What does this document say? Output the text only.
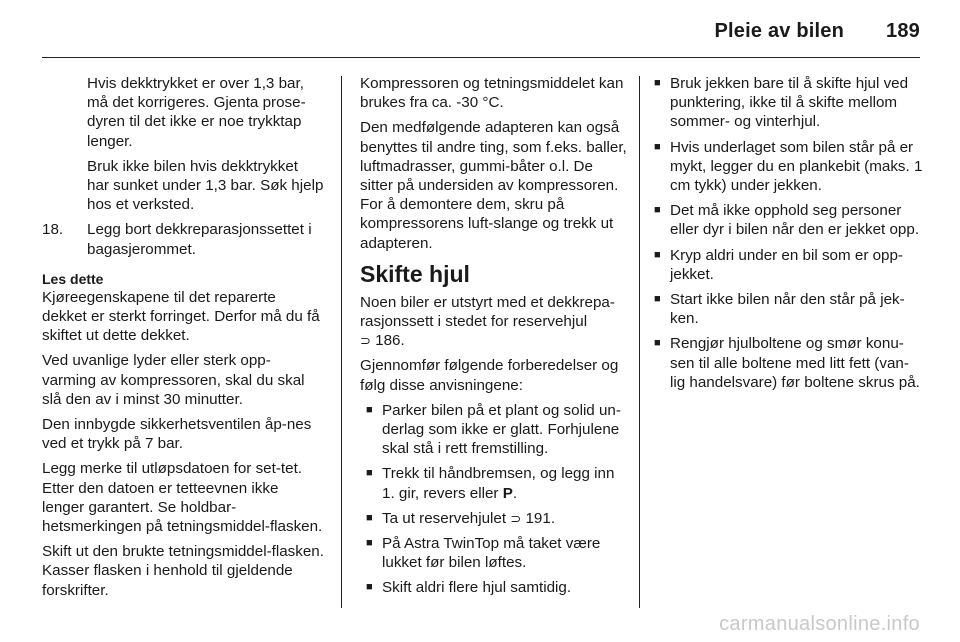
Pleie av bilen 189

Hvis dekktrykket er over 1,3 bar, må det korrigeres. Gjenta prose-dyren til det ikke er noe trykktap lenger.

Bruk ikke bilen hvis dekktrykket har sunket under 1,3 bar. Søk hjelp hos et verksted.

18.	Legg bort dekkreparasjonssettet i bagasjerommet.
Les dette

Kjøreegenskapene til det reparerte dekket er sterkt forringet. Derfor må du få skiftet ut dette dekket.

Ved uvanlige lyder eller sterk opp-varming av kompressoren, skal du skal slå den av i minst 30 minutter.

Den innbygde sikkerhetsventilen åp-nes ved et trykk på 7 bar.

Legg merke til utløpsdatoen for set-tet. Etter den datoen er tetteevnen ikke lenger garantert. Se holdbar-hetsmerkingen på tetningsmiddel-flasken.

Skift ut den brukte tetningsmiddel-flasken. Kasser flasken i henhold til gjeldende forskrifter.

Kompressoren og tetningsmiddelet kan brukes fra ca. -30 °C.

Den medfølgende adapteren kan også benyttes til andre ting, som f.eks. baller, luftmadrasser, gummi-båter o.l. De sitter på undersiden av kompressoren. For å demontere dem, skru på kompressorens luft-slange og trekk ut adapteren.

Skifte hjul

Noen biler er utstyrt med et dekkrepa-rasjonssett i stedet for reservehjul
⊃ 186.

Gjennomfør følgende forberedelser og følg disse anvisningene:

■ Parker bilen på et plant og solid un-derlag som ikke er glatt. Forhjulene skal stå i rett fremstilling.
■ Trekk til håndbremsen, og legg inn 1. gir, revers eller P.
■ Ta ut reservehjulet ⊃ 191.
■ På Astra TwinTop må taket være lukket før bilen løftes.
■ Skift aldri flere hjul samtidig.
■ Bruk jekken bare til å skifte hjul ved punktering, ikke til å skifte mellom sommer- og vinterhjul.
■ Hvis underlaget som bilen står på er mykt, legger du en plankebit (maks. 1 cm tykk) under jekken.
■ Det må ikke opphold seg personer eller dyr i bilen når den er jekket opp.
■ Kryp aldri under en bil som er opp-jekket.
■ Start ikke bilen når den står på jek-ken.
■ Rengjør hjulboltene og smør konu-sen til alle boltene med litt fett (van-lig handelsvare) før boltene skrus på.
carmanualsonline.info
